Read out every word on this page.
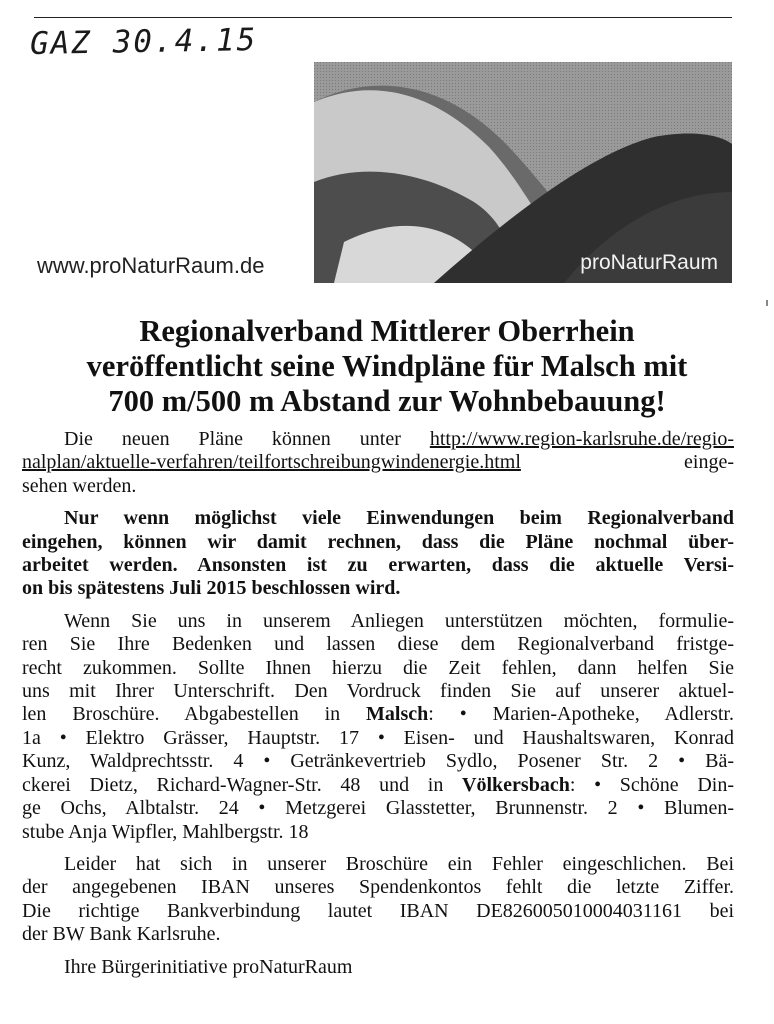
GAZ 30.4.15
www.proNaturRaum.de	proNaturRaum
Regionalverband Mittlerer Oberrhein
veröffentlicht seine Windpläne für Malsch mit
700 m/500 m Abstand zur Wohnbebauung!

Die neuen Pläne können unter http://www.region-karlsruhe.de/regio-
nalplan/aktuelle-verfahren/teilfortschreibungwindenergie.html einge-
sehen werden.

Nur wenn möglichst viele Einwendungen beim Regionalverband
eingehen, können wir damit rechnen, dass die Pläne nochmal über-
arbeitet werden. Ansonsten ist zu erwarten, dass die aktuelle Versi-
on bis spätestens Juli 2015 beschlossen wird.

Wenn Sie uns in unserem Anliegen unterstützen möchten, formulie-
ren Sie Ihre Bedenken und lassen diese dem Regionalverband fristge-
recht zukommen. Sollte Ihnen hierzu die Zeit fehlen, dann helfen Sie
uns mit Ihrer Unterschrift. Den Vordruck finden Sie auf unserer aktuel-
len Broschüre. Abgabestellen in Malsch: • Marien-Apotheke, Adlerstr.
1a • Elektro Grässer, Hauptstr. 17 • Eisen- und Haushaltswaren, Konrad
Kunz, Waldprechtsstr. 4 • Getränkevertrieb Sydlo, Posener Str. 2 • Bä-
ckerei Dietz, Richard-Wagner-Str. 48 und in Völkersbach: • Schöne Din-
ge Ochs, Albtalstr. 24 • Metzgerei Glasstetter, Brunnenstr. 2 • Blumen-
stube Anja Wipfler, Mahlbergstr. 18

Leider hat sich in unserer Broschüre ein Fehler eingeschlichen. Bei
der angegebenen IBAN unseres Spendenkontos fehlt die letzte Ziffer.
Die richtige Bankverbindung lautet IBAN DE82600501000403116​1 bei
der BW Bank Karlsruhe.

Ihre Bürgerinitiative proNaturRaum
